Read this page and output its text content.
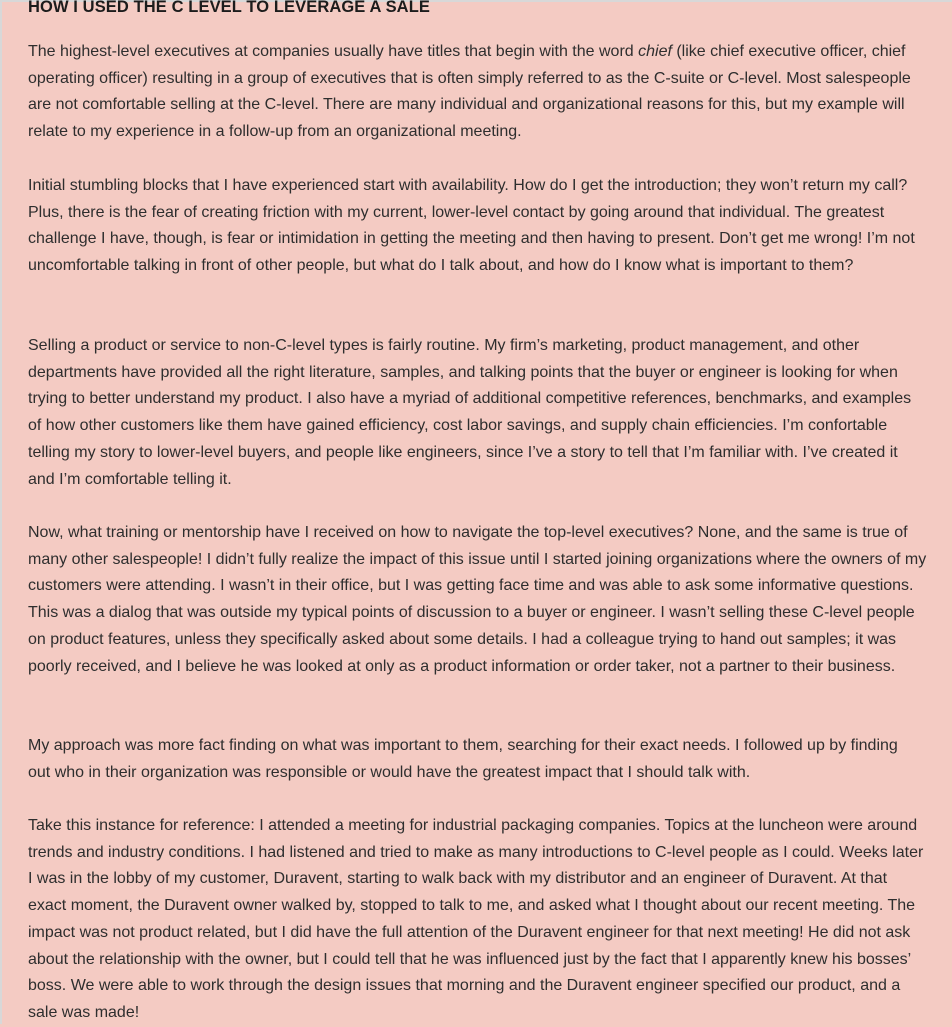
HOW I USED THE C LEVEL TO LEVERAGE A SALE

The highest-level executives at companies usually have titles that begin with the word chief (like chief executive officer, chief operating officer) resulting in a group of executives that is often simply referred to as the C-suite or C-level. Most salespeople are not comfortable selling at the C-level. There are many individual and organizational reasons for this, but my example will relate to my experience in a follow-up from an organizational meeting.

Initial stumbling blocks that I have experienced start with availability. How do I get the introduction; they won’t return my call? Plus, there is the fear of creating friction with my current, lower-level contact by going around that individual. The greatest challenge I have, though, is fear or intimidation in getting the meeting and then having to present. Don’t get me wrong! I’m not uncomfortable talking in front of other people, but what do I talk about, and how do I know what is important to them?

Selling a product or service to non-C-level types is fairly routine. My firm’s marketing, product management, and other departments have provided all the right literature, samples, and talking points that the buyer or engineer is looking for when trying to better understand my product. I also have a myriad of additional competitive references, benchmarks, and examples of how other customers like them have gained efficiency, cost labor savings, and supply chain efficiencies. I’m confortable telling my story to lower-level buyers, and people like engineers, since I’ve a story to tell that I’m familiar with. I’ve created it and I’m comfortable telling it.

Now, what training or mentorship have I received on how to navigate the top-level executives? None, and the same is true of many other salespeople! I didn’t fully realize the impact of this issue until I started joining organizations where the owners of my customers were attending. I wasn’t in their office, but I was getting face time and was able to ask some informative questions. This was a dialog that was outside my typical points of discussion to a buyer or engineer. I wasn’t selling these C-level people on product features, unless they specifically asked about some details. I had a colleague trying to hand out samples; it was poorly received, and I believe he was looked at only as a product information or order taker, not a partner to their business.

My approach was more fact finding on what was important to them, searching for their exact needs. I followed up by finding out who in their organization was responsible or would have the greatest impact that I should talk with.

Take this instance for reference: I attended a meeting for industrial packaging companies. Topics at the luncheon were around trends and industry conditions. I had listened and tried to make as many introductions to C-level people as I could. Weeks later I was in the lobby of my customer, Duravent, starting to walk back with my distributor and an engineer of Duravent. At that exact moment, the Duravent owner walked by, stopped to talk to me, and asked what I thought about our recent meeting. The impact was not product related, but I did have the full attention of the Duravent engineer for that next meeting! He did not ask about the relationship with the owner, but I could tell that he was influenced just by the fact that I apparently knew his bosses’ boss. We were able to work through the design issues that morning and the Duravent engineer specified our product, and a sale was made!
